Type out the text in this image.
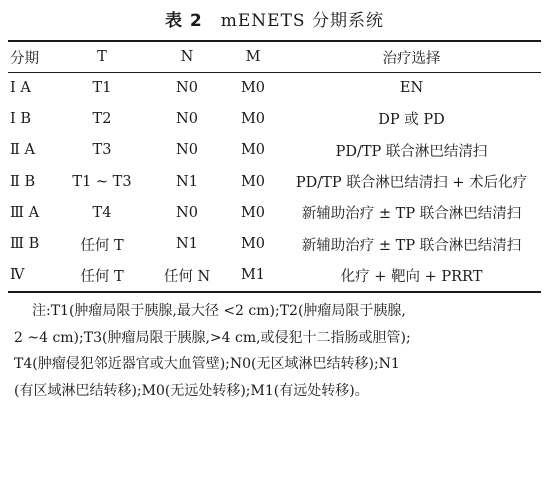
表 2 mENETS 分期系统
分期	T	N	M	治疗选择
Ⅰ A	T1	N0	M0	EN
Ⅰ B	T2	N0	M0	DP 或 PD
Ⅱ A	T3	N0	M0	PD/TP 联合淋巴结清扫
Ⅱ B	T1 ~ T3	N1	M0	PD/TP 联合淋巴结清扫 + 术后化疗
Ⅲ A	T4	N0	M0	新辅助治疗 ± TP 联合淋巴结清扫
Ⅲ B	任何 T	N1	M0	新辅助治疗 ± TP 联合淋巴结清扫
Ⅳ	任何 T	任何 N	M1	化疗 + 靶向 + PRRT
注:T1(肿瘤局限于胰腺,最大径 <2 cm);T2(肿瘤局限于胰腺,
2 ~4 cm);T3(肿瘤局限于胰腺,>4 cm,或侵犯十二指肠或胆管);
T4(肿瘤侵犯邻近器官或大血管壁);N0(无区域淋巴结转移);N1
(有区域淋巴结转移);M0(无远处转移);M1(有远处转移)。
